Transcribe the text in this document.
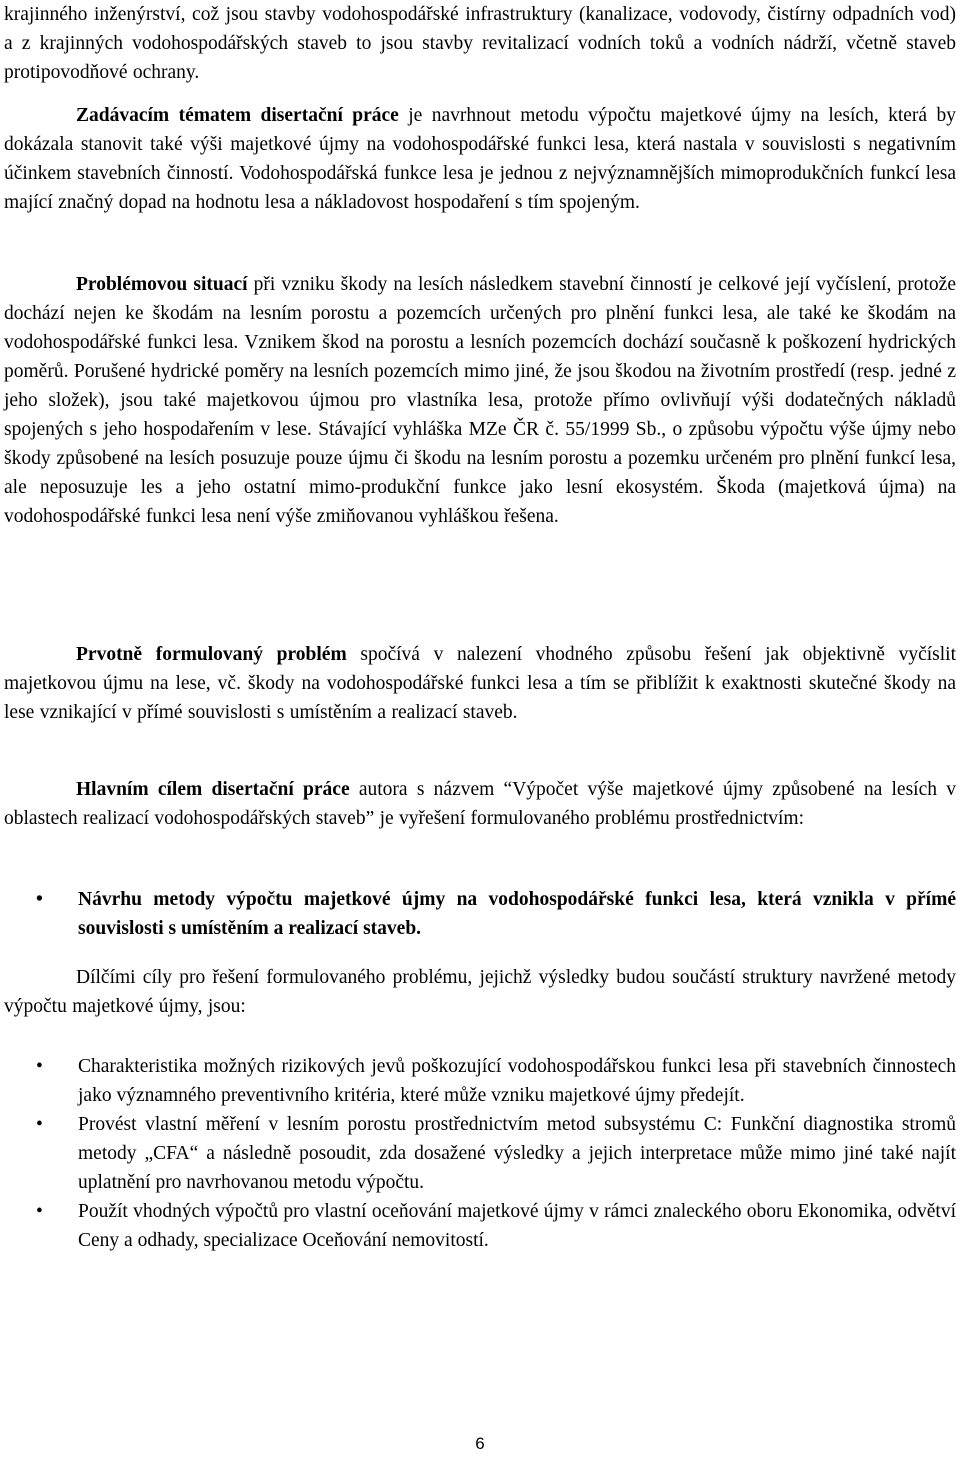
krajinného inženýrství, což jsou stavby vodohospodářské infrastruktury (kanalizace, vodovody, čistírny odpadních vod) a z krajinných vodohospodářských staveb to jsou stavby revitalizací vodních toků a vodních nádrží, včetně staveb protipovodňové ochrany.

Zadávacím tématem disertační práce je navrhnout metodu výpočtu majetkové újmy na lesích, která by dokázala stanovit také výši majetkové újmy na vodohospodářské funkci lesa, která nastala v souvislosti s negativním účinkem stavebních činností. Vodohospodářská funkce lesa je jednou z nejvýznamnějších mimoprodukčních funkcí lesa mající značný dopad na hodnotu lesa a nákladovost hospodaření s tím spojeným.

Problémovou situací při vzniku škody na lesích následkem stavební činností je celkové její vyčíslení, protože dochází nejen ke škodám na lesním porostu a pozemcích určených pro plnění funkci lesa, ale také ke škodám na vodohospodářské funkci lesa. Vznikem škod na porostu a lesních pozemcích dochází současně k poškození hydrických poměrů. Porušené hydrické poměry na lesních pozemcích mimo jiné, že jsou škodou na životním prostředí (resp. jedné z jeho složek), jsou také majetkovou újmou pro vlastníka lesa, protože přímo ovlivňují výši dodatečných nákladů spojených s jeho hospodařením v lese. Stávající vyhláška MZe ČR č. 55/1999 Sb., o způsobu výpočtu výše újmy nebo škody způsobené na lesích posuzuje pouze újmu či škodu na lesním porostu a pozemku určeném pro plnění funkcí lesa, ale neposuzuje les a jeho ostatní mimo-produkční funkce jako lesní ekosystém. Škoda (majetková újma) na vodohospodářské funkci lesa není výše zmiňovanou vyhláškou řešena.

Prvotně formulovaný problém spočívá v nalezení vhodného způsobu řešení jak objektivně vyčíslit majetkovou újmu na lese, vč. škody na vodohospodářské funkci lesa a tím se přiblížit k exaktnosti skutečné škody na lese vznikající v přímé souvislosti s umístěním a realizací staveb.

Hlavním cílem disertační práce autora s názvem “Výpočet výše majetkové újmy způsobené na lesích v oblastech realizací vodohospodářských staveb” je vyřešení formulovaného problému prostřednictvím:

• Návrhu metody výpočtu majetkové újmy na vodohospodářské funkci lesa, která vznikla v přímé souvislosti s umístěním a realizací staveb.

Dílčími cíly pro řešení formulovaného problému, jejichž výsledky budou součástí struktury navržené metody výpočtu majetkové újmy, jsou:

• Charakteristika možných rizikových jevů poškozující vodohospodářskou funkci lesa při stavebních činnostech jako významného preventivního kritéria, které může vzniku majetkové újmy předejít.
• Provést vlastní měření v lesním porostu prostřednictvím metod subsystému C: Funkční diagnostika stromů metody „CFA“ a následně posoudit, zda dosažené výsledky a jejich interpretace může mimo jiné také najít uplatnění pro navrhovanou metodu výpočtu.
• Použít vhodných výpočtů pro vlastní oceňování majetkové újmy v rámci znaleckého oboru Ekonomika, odvětví Ceny a odhady, specializace Oceňování nemovitostí.
6
